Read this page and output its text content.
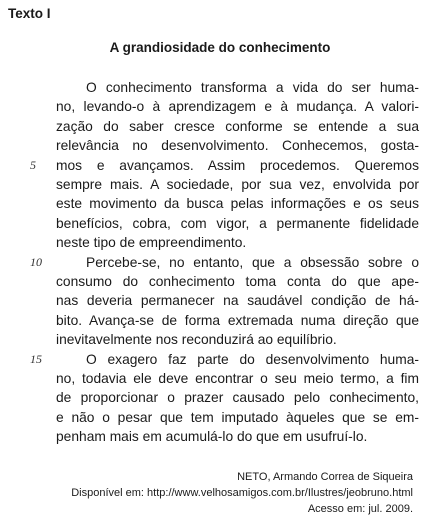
Texto I
A grandiosidade do conhecimento
O conhecimento transforma a vida do ser huma-
no, levando-o à aprendizagem e à mudança. A valori-
zação do saber cresce conforme se entende a sua
relevância no desenvolvimento. Conhecemos, gosta-
5 mos e avançamos. Assim procedemos. Queremos
sempre mais. A sociedade, por sua vez, envolvida por
este movimento da busca pelas informações e os seus
benefícios, cobra, com vigor, a permanente fidelidade
neste tipo de empreendimento.
10	Percebe-se, no entanto, que a obsessão sobre o
consumo do conhecimento toma conta do que ape-
nas deveria permanecer na saudável condição de há-
bito. Avança-se de forma extremada numa direção que
inevitavelmente nos reconduzirá ao equilíbrio.
15	O exagero faz parte do desenvolvimento huma-
no, todavia ele deve encontrar o seu meio termo, a fim
de proporcionar o prazer causado pelo conhecimento,
e não o pesar que tem imputado àqueles que se em-
penham mais em acumulá-lo do que em usufruí-lo.
NETO, Armando Correa de Siqueira
Disponível em: http://www.velhosamigos.com.br/Ilustres/jeobruno.html
Acesso em: jul. 2009.
